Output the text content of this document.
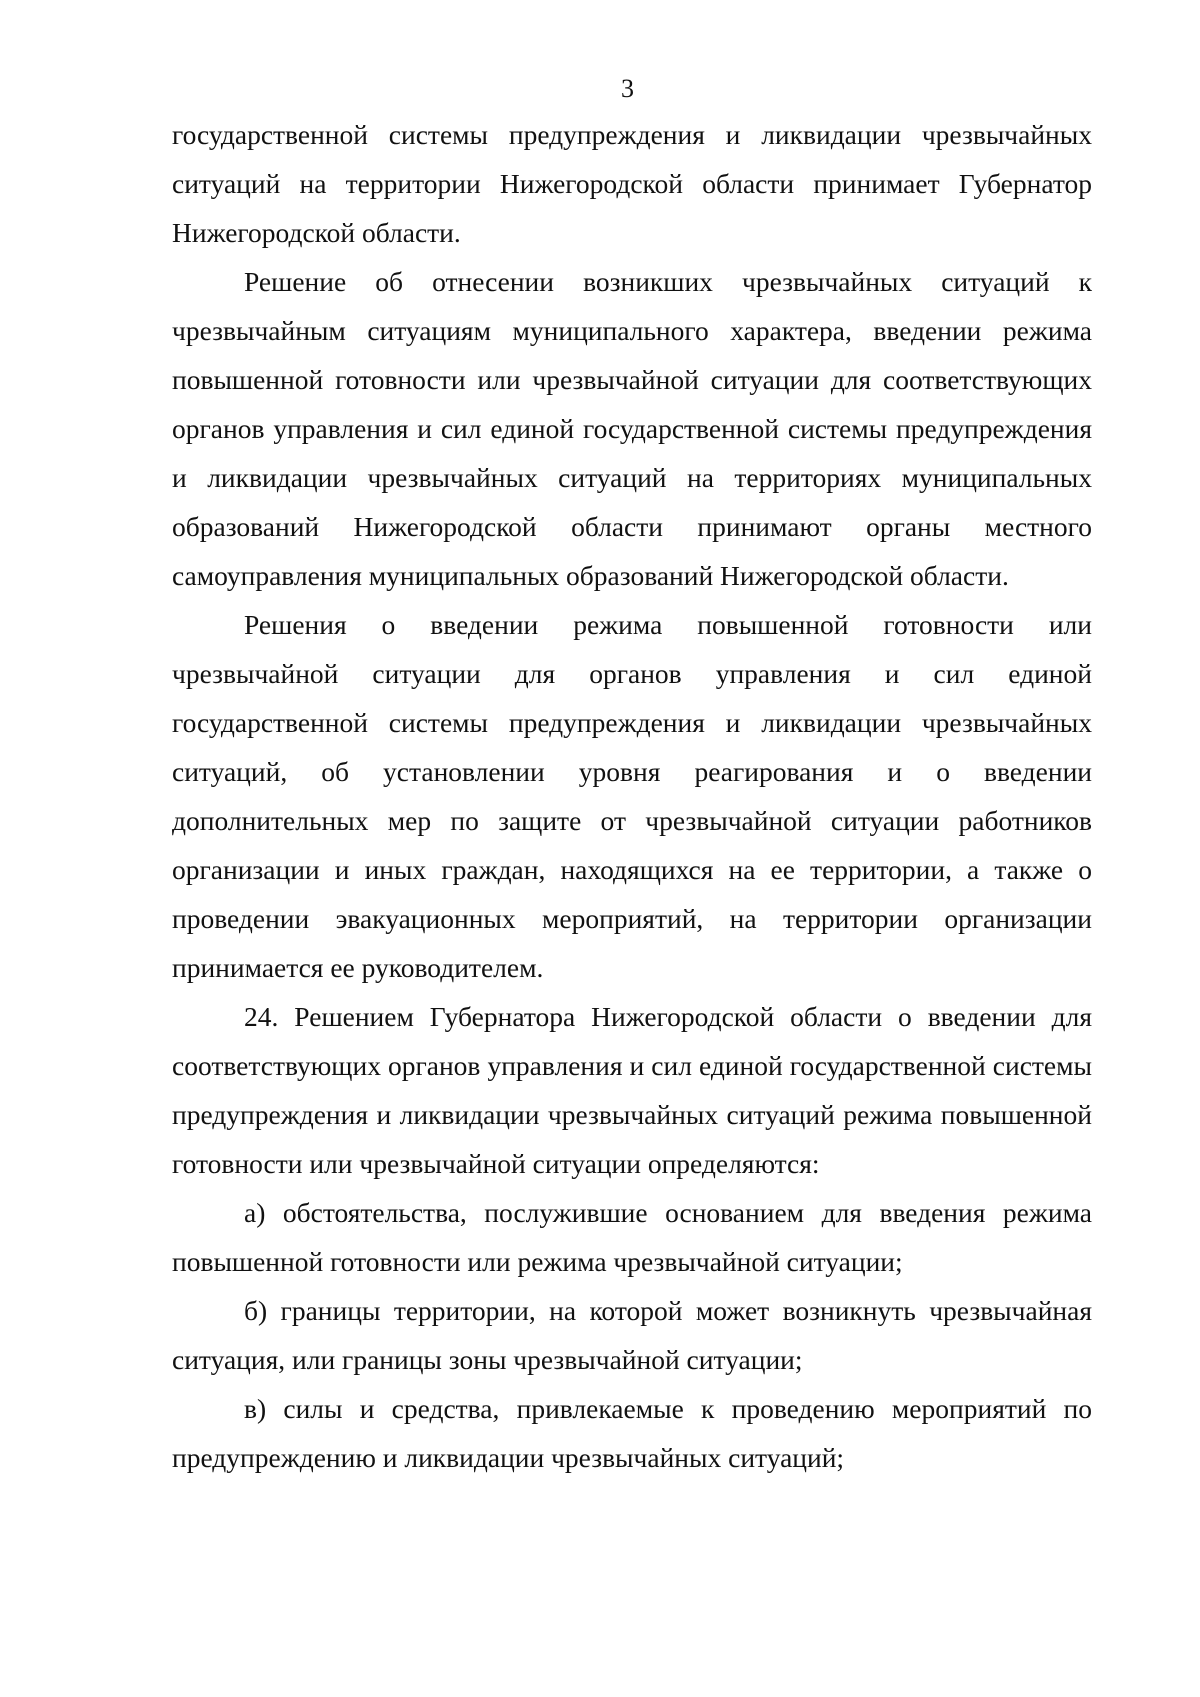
3

государственной системы предупреждения и ликвидации чрезвычайных ситуаций на территории Нижегородской области принимает Губернатор Нижегородской области.

Решение об отнесении возникших чрезвычайных ситуаций к чрезвычайным ситуациям муниципального характера, введении режима повышенной готовности или чрезвычайной ситуации для соответствующих органов управления и сил единой государственной системы предупреждения и ликвидации чрезвычайных ситуаций на территориях муниципальных образований Нижегородской области принимают органы местного самоуправления муниципальных образований Нижегородской области.

Решения о введении режима повышенной готовности или чрезвычайной ситуации для органов управления и сил единой государственной системы предупреждения и ликвидации чрезвычайных ситуаций, об установлении уровня реагирования и о введении дополнительных мер по защите от чрезвычайной ситуации работников организации и иных граждан, находящихся на ее территории, а также о проведении эвакуационных мероприятий, на территории организации принимается ее руководителем.

24. Решением Губернатора Нижегородской области о введении для соответствующих органов управления и сил единой государственной системы предупреждения и ликвидации чрезвычайных ситуаций режима повышенной готовности или чрезвычайной ситуации определяются:

а) обстоятельства, послужившие основанием для введения режима повышенной готовности или режима чрезвычайной ситуации;

б) границы территории, на которой может возникнуть чрезвычайная ситуация, или границы зоны чрезвычайной ситуации;

в) силы и средства, привлекаемые к проведению мероприятий по предупреждению и ликвидации чрезвычайных ситуаций;
